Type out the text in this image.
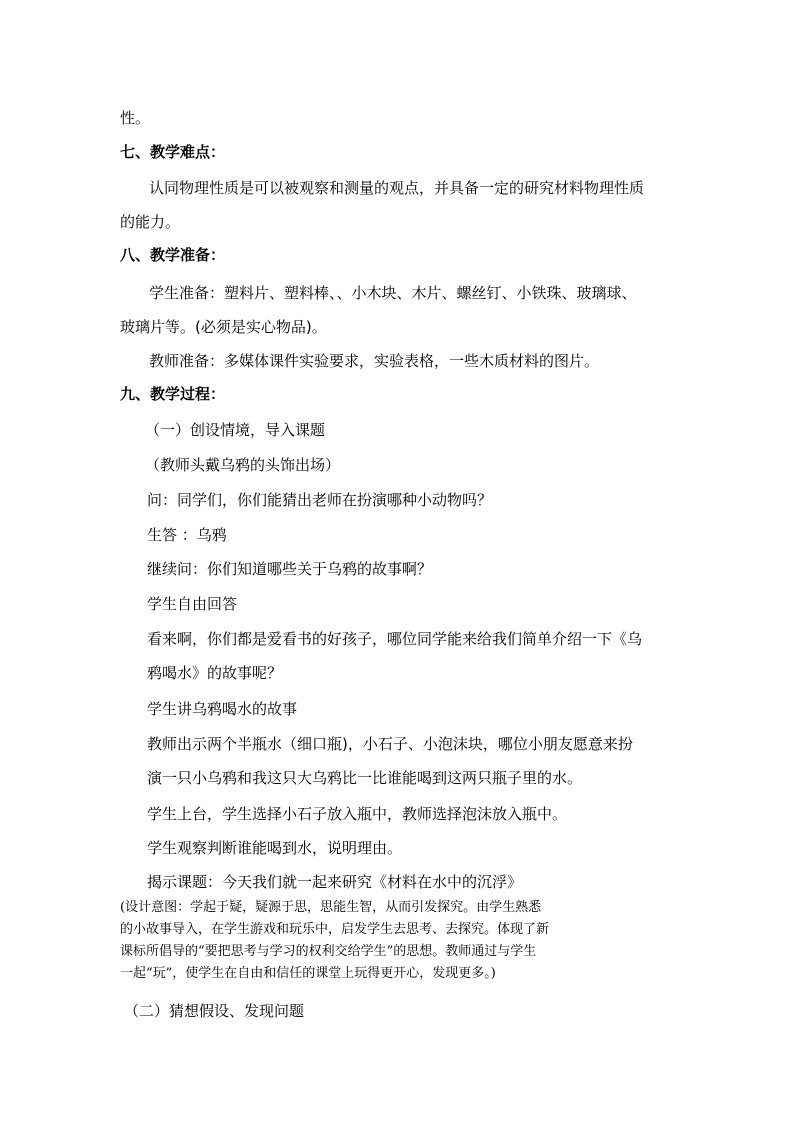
性。
七、教学难点：
认同物理性质是可以被观察和测量的观点，并具备一定的研究材料物理性质
的能力。
八、教学准备：
学生准备：塑料片、塑料棒、、小木块、木片、螺丝钉、小铁珠、玻璃球、
玻璃片等。(必须是实心物品)。
教师准备：多媒体课件实验要求，实验表格，一些木质材料的图片。
九、教学过程：
（一）创设情境，导入课题
（教师头戴乌鸦的头饰出场）
问：同学们，你们能猜出老师在扮演哪种小动物吗？
生答 ：乌鸦
继续问：你们知道哪些关于乌鸦的故事啊？
学生自由回答
看来啊，你们都是爱看书的好孩子，哪位同学能来给我们简单介绍一下《乌
鸦喝水》的故事呢？
学生讲乌鸦喝水的故事
教师出示两个半瓶水（细口瓶)，小石子、小泡沫块，哪位小朋友愿意来扮
演一只小乌鸦和我这只大乌鸦比一比谁能喝到这两只瓶子里的水。
学生上台，学生选择小石子放入瓶中，教师选择泡沫放入瓶中。
学生观察判断谁能喝到水，说明理由。
揭示课题：今天我们就一起来研究《材料在水中的沉浮》
(设计意图：学起于疑，疑源于思，思能生智，从而引发探究。由学生熟悉
的小故事导入，在学生游戏和玩乐中，启发学生去思考、去探究。体现了新
课标所倡导的“要把思考与学习的权利交给学生”的思想。教师通过与学生
一起“玩”，使学生在自由和信任的课堂上玩得更开心，发现更多。)
（二）猜想假设、发现问题
